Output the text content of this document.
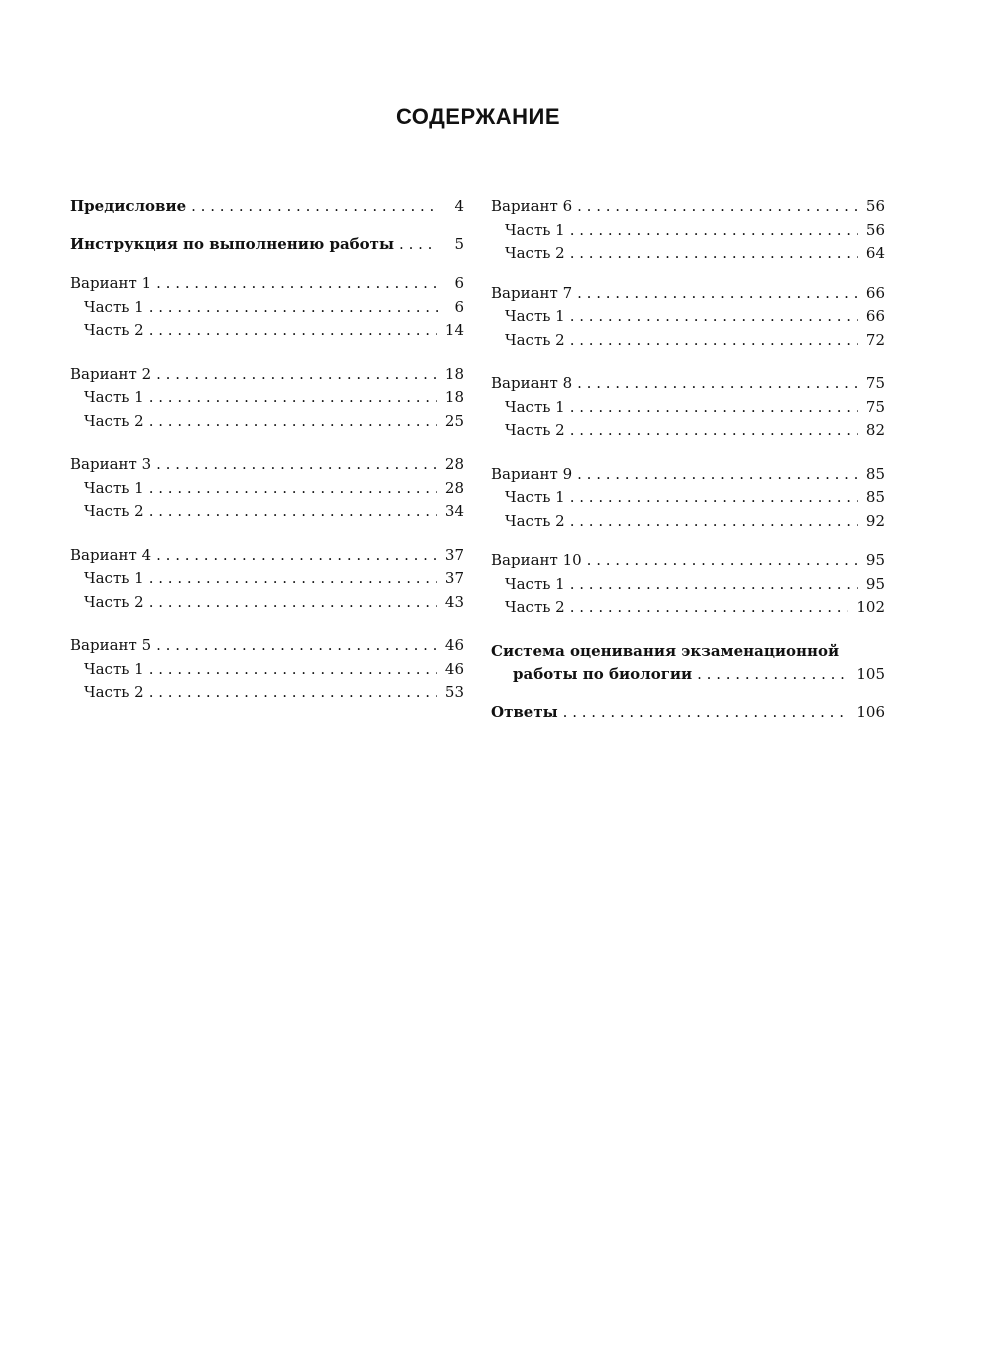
СОДЕРЖАНИЕ
Предисловие . . .	4
Инструкция по выполнению работы . . .	5
Вариант 1 . . .	6
Часть 1 . . .	6
Часть 2 . . .	14
Вариант 2 . . .	18
Часть 1 . . .	18
Часть 2 . . .	25
Вариант 3 . . .	28
Часть 1 . . .	28
Часть 2 . . .	34
Вариант 4 . . .	37
Часть 1 . . .	37
Часть 2 . . .	43
Вариант 5 . . .	46
Часть 1 . . .	46
Часть 2 . . .	53
Вариант 6 . . .	56
Часть 1 . . .	56
Часть 2 . . .	64
Вариант 7 . . .	66
Часть 1 . . .	66
Часть 2 . . .	72
Вариант 8 . . .	75
Часть 1 . . .	75
Часть 2 . . .	82
Вариант 9 . . .	85
Часть 1 . . .	85
Часть 2 . . .	92
Вариант 10 . . .	95
Часть 1 . . .	95
Часть 2 . . .	102
Система оценивания экзаменационной
работы по биологии . . .	105
Ответы . . .	106
